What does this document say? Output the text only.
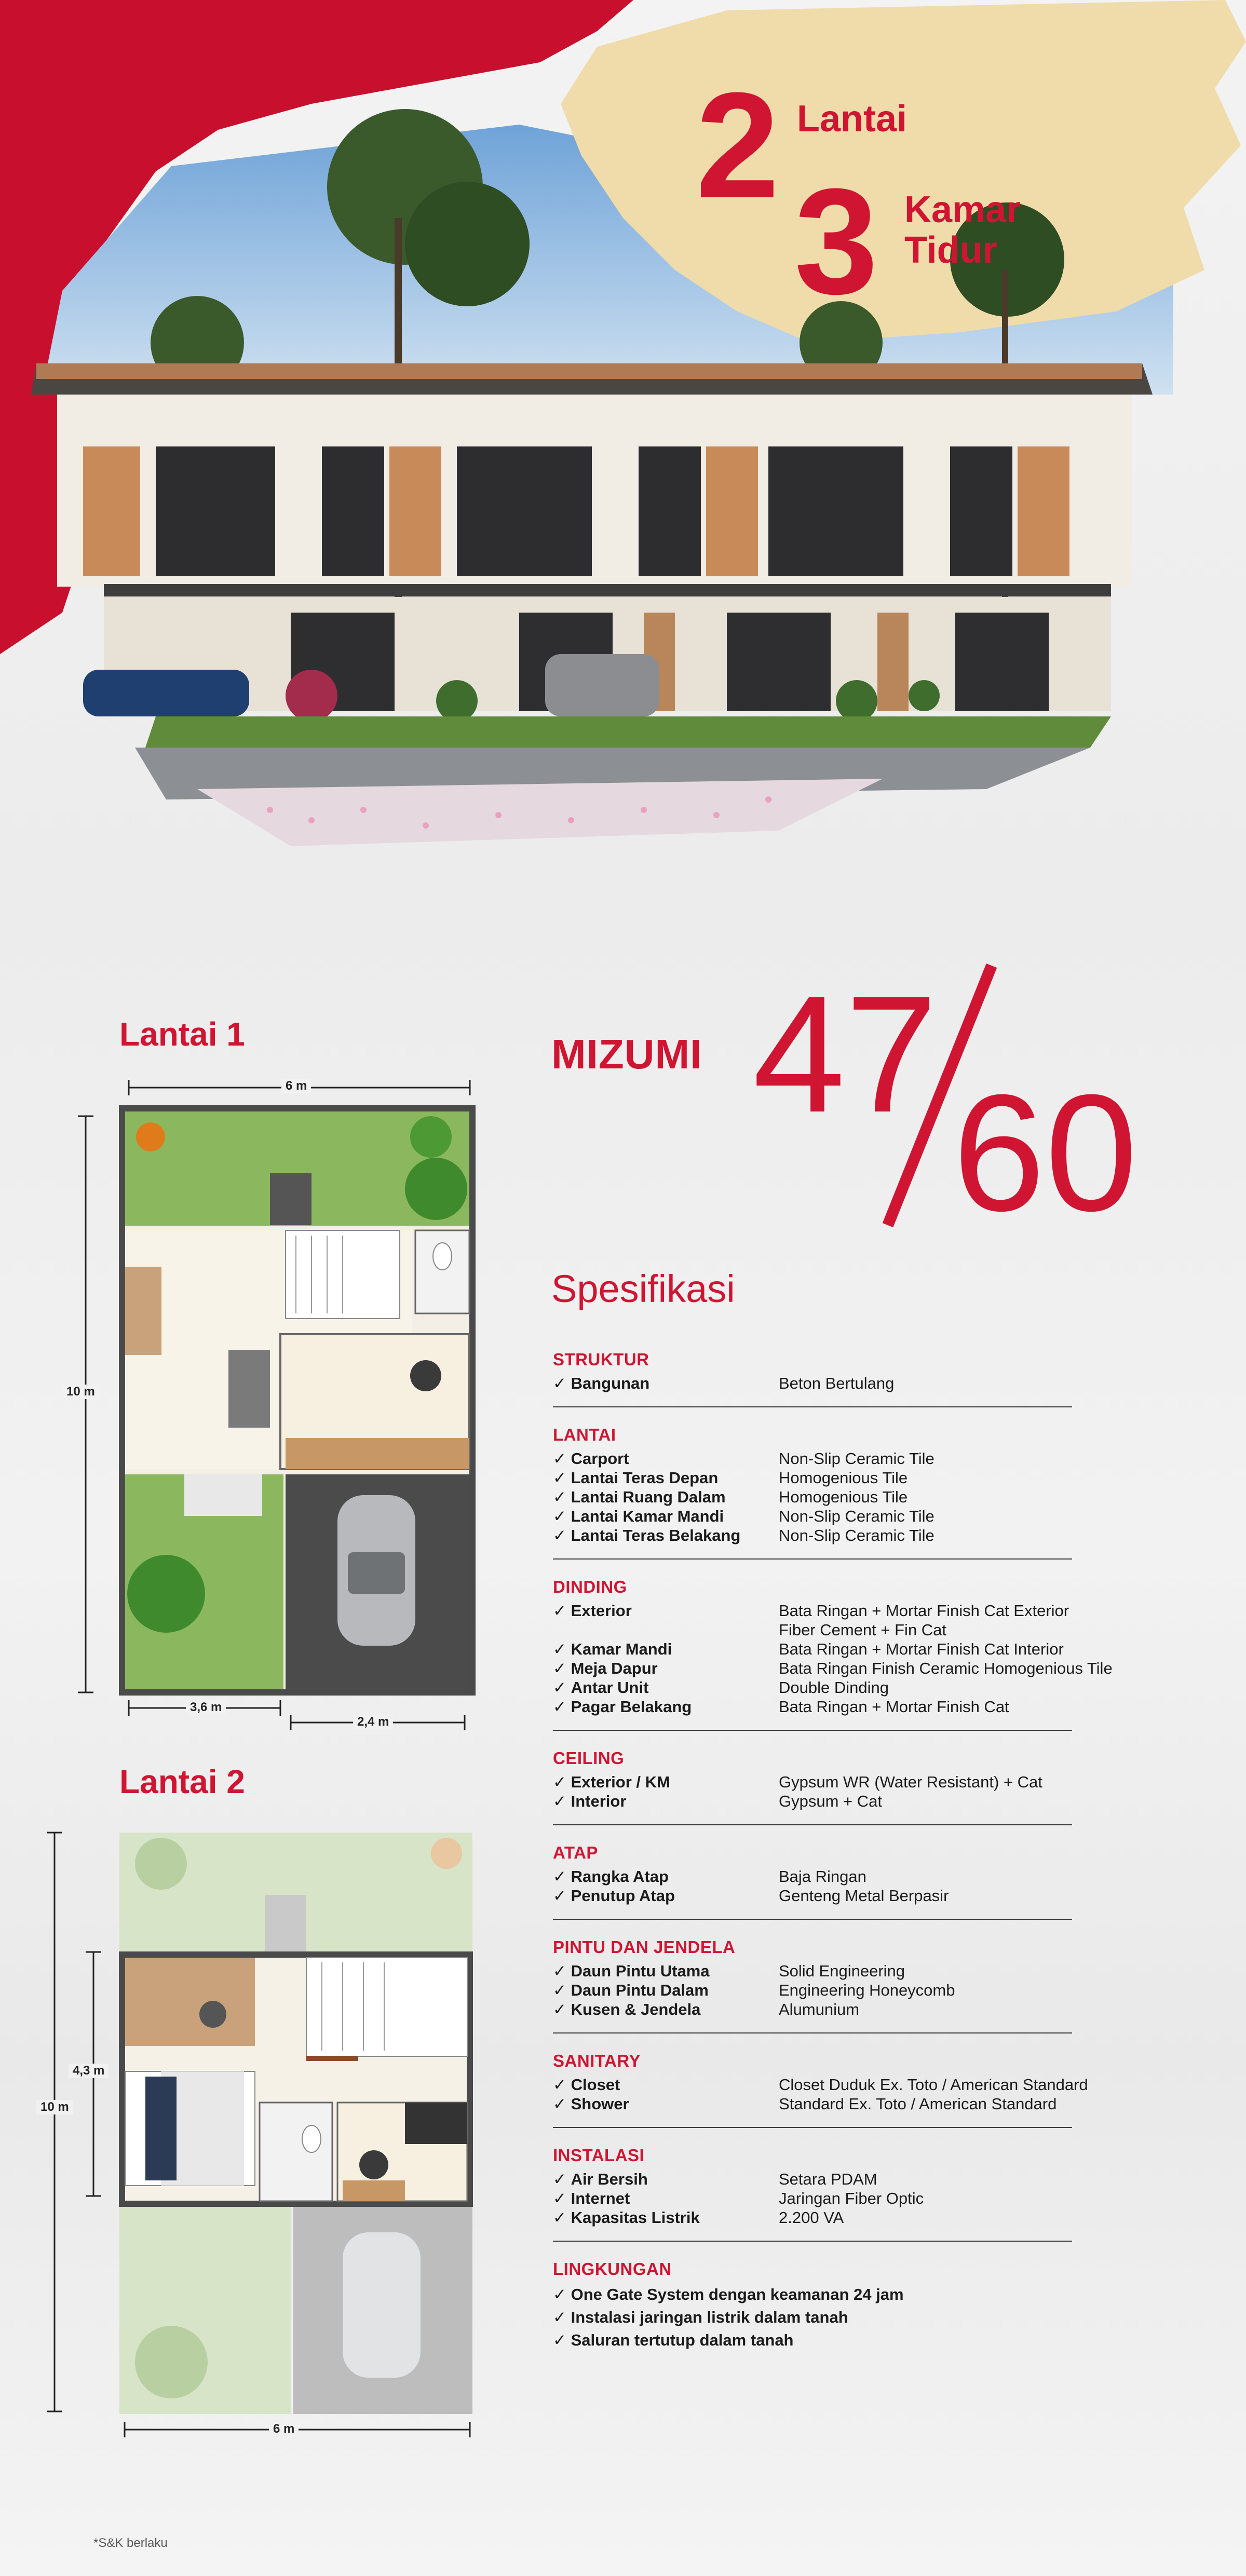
2 Lantai
3 Kamar
Tidur
Lantai 1
6 m
10 m
3,6 m
2,4 m
Lantai 2
10 m
4,3 m
6 m
MIZUMI 47
60
Spesifikasi
STRUKTUR
✓ Bangunan	Beton Bertulang
LANTAI
✓ Carport	Non-Slip Ceramic Tile
✓ Lantai Teras Depan	Homogenious Tile
✓ Lantai Ruang Dalam	Homogenious Tile
✓ Lantai Kamar Mandi	Non-Slip Ceramic Tile
✓ Lantai Teras Belakang	Non-Slip Ceramic Tile
DINDING
✓ Exterior	Bata Ringan + Mortar Finish Cat Exterior
Fiber Cement + Fin Cat
✓ Kamar Mandi	Bata Ringan + Mortar Finish Cat Interior
✓ Meja Dapur	Bata Ringan Finish Ceramic Homogenious Tile
✓ Antar Unit	Double Dinding
✓ Pagar Belakang	Bata Ringan + Mortar Finish Cat
CEILING
✓ Exterior / KM	Gypsum WR (Water Resistant) + Cat
✓ Interior	Gypsum + Cat
ATAP
✓ Rangka Atap	Baja Ringan
✓ Penutup Atap	Genteng Metal Berpasir
PINTU DAN JENDELA
✓ Daun Pintu Utama	Solid Engineering
✓ Daun Pintu Dalam	Engineering Honeycomb
✓ Kusen & Jendela	Alumunium
SANITARY
✓ Closet	Closet Duduk Ex. Toto / American Standard
✓ Shower	Standard Ex. Toto / American Standard
INSTALASI
✓ Air Bersih	Setara PDAM
✓ Internet	Jaringan Fiber Optic
✓ Kapasitas Listrik	2.200 VA
LINGKUNGAN
✓ One Gate System dengan keamanan 24 jam
✓ Instalasi jaringan listrik dalam tanah
✓ Saluran tertutup dalam tanah
*S&K berlaku
